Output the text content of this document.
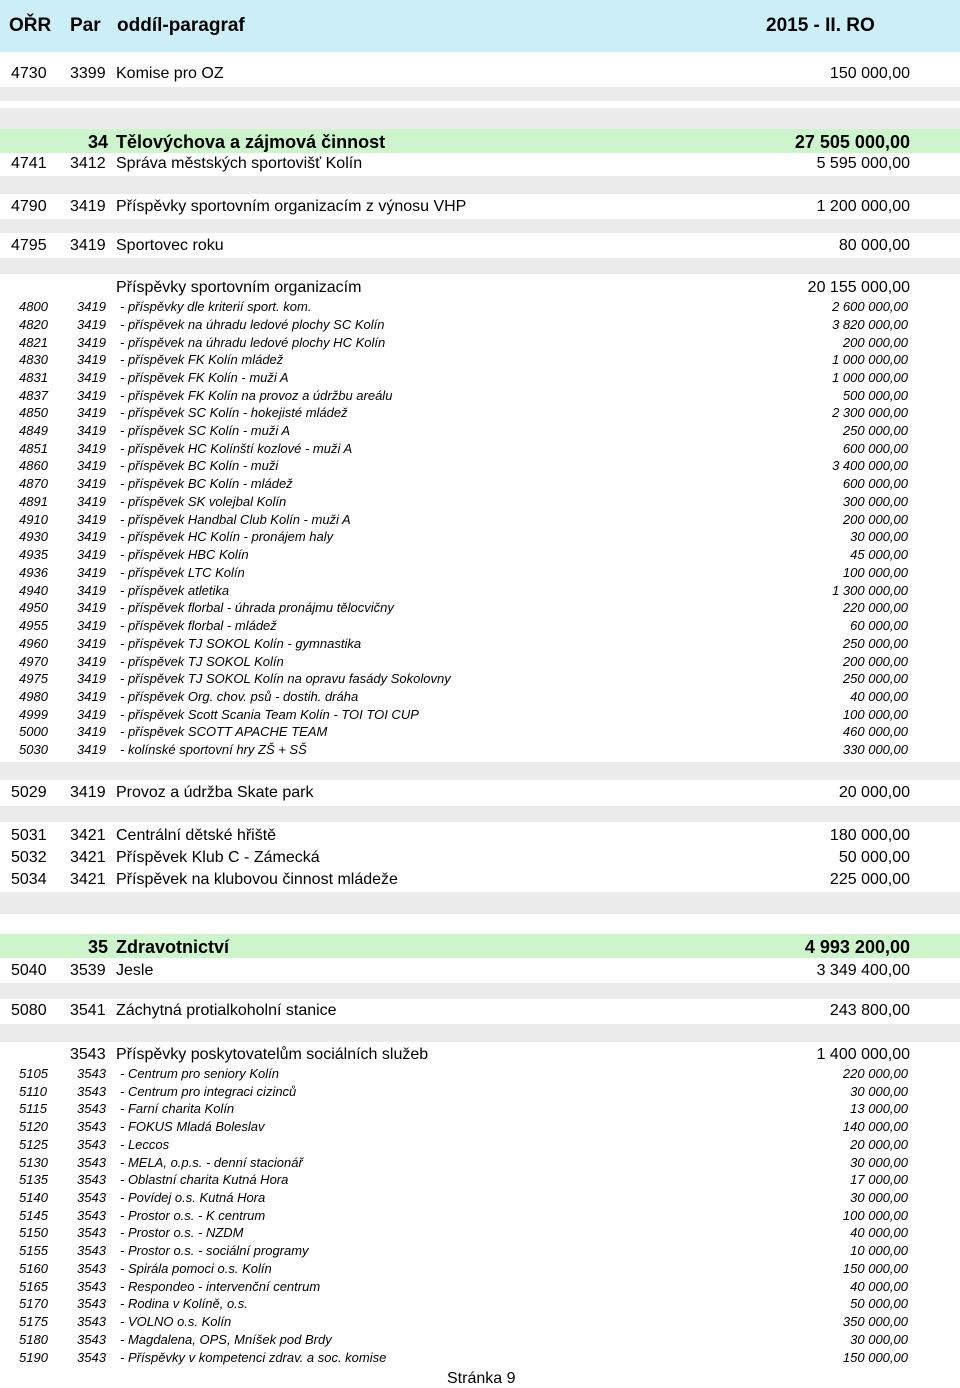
OŘR Par oddíl-paragraf	2015 - II. RO
4730 3399 Komise pro OZ	150 000,00
34 Tělovýchova a zájmová činnost	27 505 000,00
4741 3412 Správa městských sportovišť Kolín	5 595 000,00
4790 3419 Příspěvky sportovním organizacím z výnosu VHP	1 200 000,00
4795 3419 Sportovec roku	80 000,00
Příspěvky sportovním organizacím	20 155 000,00
4800 3419 - příspěvky dle kriterií sport. kom.	2 600 000,00
4820 3419 - příspěvek na úhradu ledové plochy SC Kolín	3 820 000,00
4821 3419 - příspěvek na úhradu ledové plochy HC Kolín	200 000,00
4830 3419 - příspěvek FK Kolín mládež	1 000 000,00
4831 3419 - příspěvek FK Kolín - muži A	1 000 000,00
4837 3419 - příspěvek FK Kolín na provoz a údržbu areálu	500 000,00
4850 3419 - příspěvek SC Kolín - hokejisté mládež	2 300 000,00
4849 3419 - příspěvek SC Kolín - muži A	250 000,00
4851 3419 - příspěvek HC Kolínští kozlové - muži A	600 000,00
4860 3419 - příspěvek BC Kolín - muži	3 400 000,00
4870 3419 - příspěvek BC Kolín - mládež	600 000,00
4891 3419 - příspěvek SK volejbal Kolín	300 000,00
4910 3419 - příspěvek Handbal Club Kolín - muži A	200 000,00
4930 3419 - příspěvek HC Kolín - pronájem haly	30 000,00
4935 3419 - příspěvek HBC Kolín	45 000,00
4936 3419 - příspěvek LTC Kolín	100 000,00
4940 3419 - příspěvek atletika	1 300 000,00
4950 3419 - příspěvek florbal - úhrada pronájmu tělocvičny	220 000,00
4955 3419 - příspěvek florbal - mládež	60 000,00
4960 3419 - příspěvek TJ SOKOL Kolín - gymnastika	250 000,00
4970 3419 - příspěvek TJ SOKOL Kolín	200 000,00
4975 3419 - příspěvek TJ SOKOL Kolín na opravu fasády Sokolovny	250 000,00
4980 3419 - příspěvek Org. chov. psů - dostih. dráha	40 000,00
4999 3419 - příspěvek Scott Scania Team Kolín - TOI TOI CUP	100 000,00
5000 3419 - příspěvek SCOTT APACHE TEAM	460 000,00
5030 3419 - kolínské sportovní hry ZŠ + SŠ	330 000,00
5029 3419 Provoz a údržba Skate park	20 000,00
5031 3421 Centrální dětské hřiště	180 000,00
5032 3421 Příspěvek Klub C - Zámecká	50 000,00
5034 3421 Příspěvek na klubovou činnost mládeže	225 000,00
35 Zdravotnictví	4 993 200,00
5040 3539 Jesle	3 349 400,00
5080 3541 Záchytná protialkoholní stanice	243 800,00
3543 Příspěvky poskytovatelům sociálních služeb	1 400 000,00
5105 3543 - Centrum pro seniory Kolín	220 000,00
5110 3543 - Centrum pro integraci cizinců	30 000,00
5115 3543 - Farní charita Kolín	13 000,00
5120 3543 - FOKUS Mladá Boleslav	140 000,00
5125 3543 - Leccos	20 000,00
5130 3543 - MELA, o.p.s. - denní stacionář	30 000,00
5135 3543 - Oblastní charita Kutná Hora	17 000,00
5140 3543 - Povídej o.s. Kutná Hora	30 000,00
5145 3543 - Prostor o.s. - K centrum	100 000,00
5150 3543 - Prostor o.s. - NZDM	40 000,00
5155 3543 - Prostor o.s. - sociální programy	10 000,00
5160 3543 - Spirála pomoci o.s. Kolín	150 000,00
5165 3543 - Respondeo - intervenční centrum	40 000,00
5170 3543 - Rodina v Kolíně, o.s.	50 000,00
5175 3543 - VOLNO o.s. Kolín	350 000,00
5180 3543 - Magdalena, OPS, Mníšek pod Brdy	30 000,00
5190 3543 - Příspěvky v kompetenci zdrav. a soc. komise	150 000,00
Stránka 9
